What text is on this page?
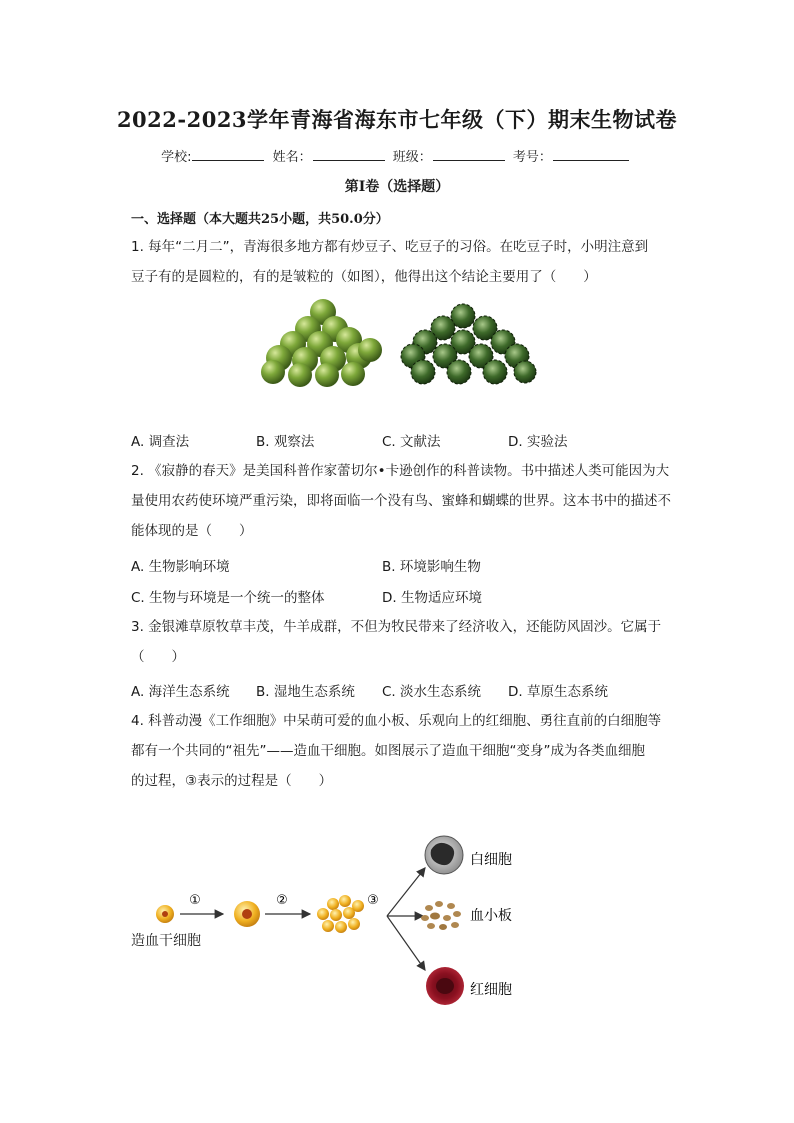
2022-2023学年青海省海东市七年级（下）期末生物试卷
学校:	姓名：	班级：	考号：
第I卷（选择题）
一、选择题（本大题共25小题，共50.0分）
1. 每年“二月二”，青海很多地方都有炒豆子、吃豆子的习俗。在吃豆子时，小明注意到
豆子有的是圆粒的，有的是皱粒的（如图），他得出这个结论主要用了（　　）
A. 调查法	B. 观察法	C. 文献法	D. 实验法
2. 《寂静的春天》是美国科普作家蕾切尔•卡逊创作的科普读物。书中描述人类可能因为大
量使用农药使环境严重污染，即将面临一个没有鸟、蜜蜂和蝴蝶的世界。这本书中的描述不
能体现的是（　　）
A. 生物影响环境	B. 环境影响生物
C. 生物与环境是一个统一的整体	D. 生物适应环境
3. 金银滩草原牧草丰茂，牛羊成群，不但为牧民带来了经济收入，还能防风固沙。它属于
（　　）
A. 海洋生态系统 B. 湿地生态系统 C. 淡水生态系统 D. 草原生态系统
4. 科普动漫《工作细胞》中呆萌可爱的血小板、乐观向上的红细胞、勇往直前的白细胞等
都有一个共同的“祖先”——造血干细胞。如图展示了造血干细胞“变身”成为各类血细胞
的过程，③表示的过程是（　　）
①	②	③
白细胞
血小板
红细胞
造血干细胞
